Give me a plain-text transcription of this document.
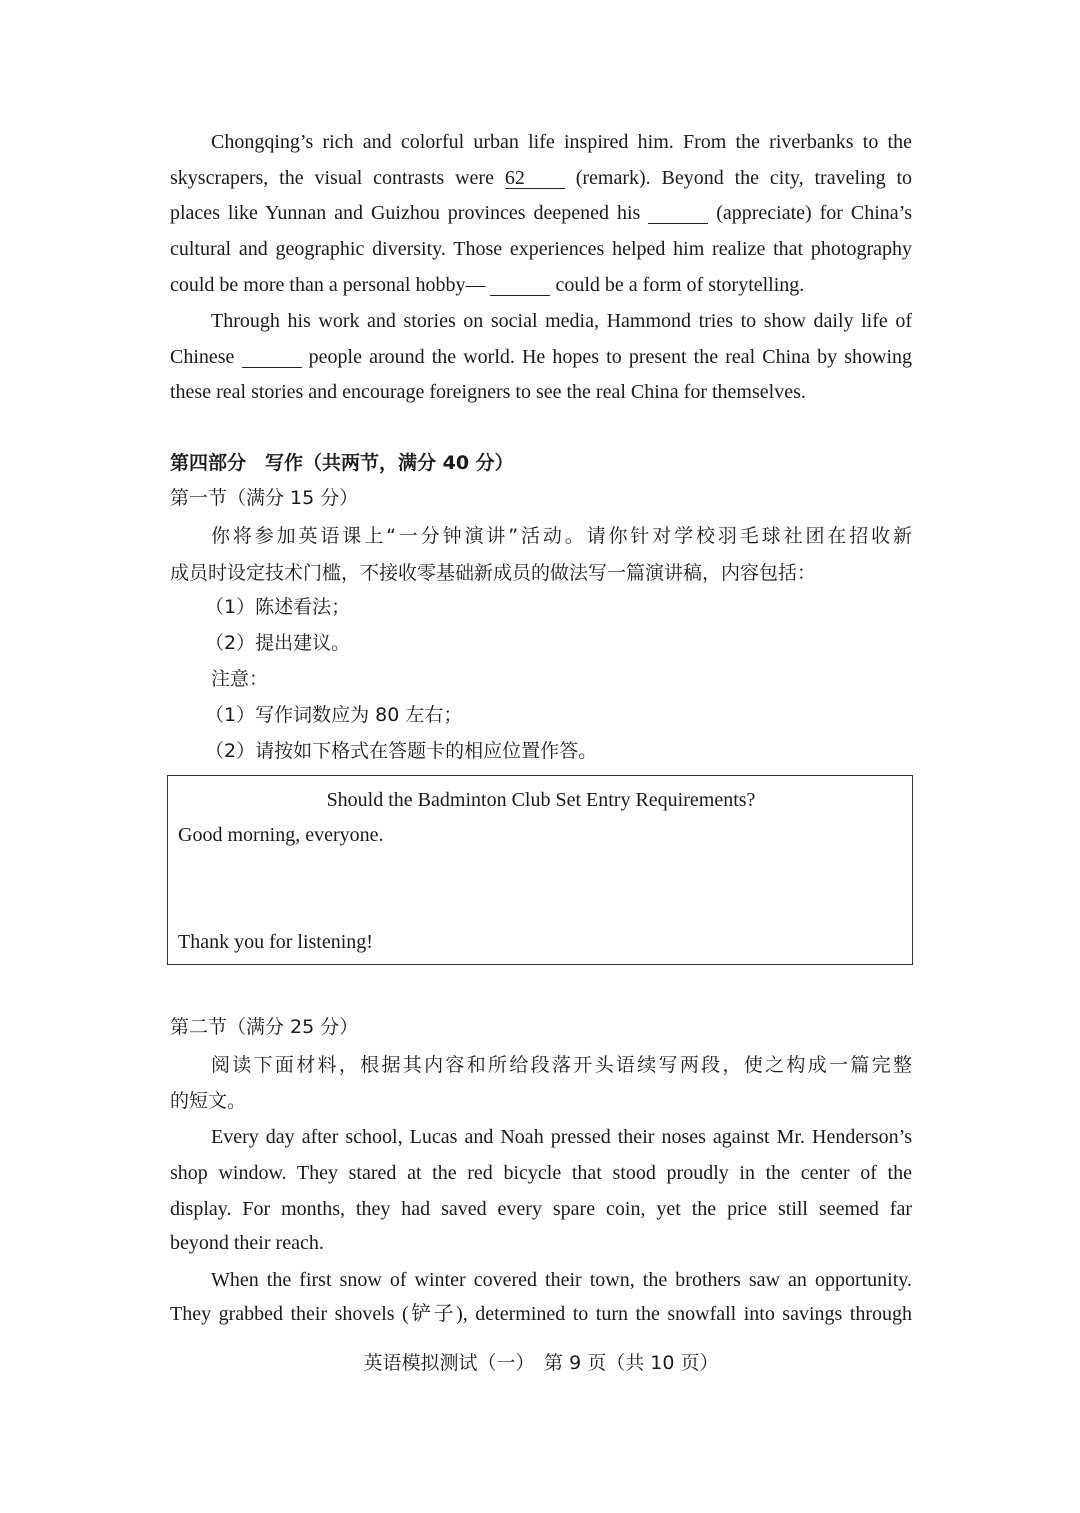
Chongqing’s rich and colorful urban life inspired him. From the riverbanks to the
skyscrapers, the visual contrasts were 62	(remark). Beyond the city, traveling to
places like Yunnan and Guizhou provinces deepened his	(appreciate) for China’s
cultural and geographic diversity. Those experiences helped him realize that photography
could be more than a personal hobby—	could be a form of storytelling.
Through his work and stories on social media, Hammond tries to show daily life of
Chinese	people around the world. He hopes to present the real China by showing
these real stories and encourage foreigners to see the real China for themselves.
第四部分　写作（共两节，满分 40 分）
第一节（满分 15 分）
你将参加英语课上“一分钟演讲”活动。请你针对学校羽毛球社团在招收新
成员时设定技术门槛，不接收零基础新成员的做法写一篇演讲稿，内容包括：
（1）陈述看法；
（2）提出建议。
注意：
（1）写作词数应为 80 左右；
（2）请按如下格式在答题卡的相应位置作答。
Should the Badminton Club Set Entry Requirements?
Good morning, everyone.
Thank you for listening!
第二节（满分 25 分）
阅读下面材料，根据其内容和所给段落开头语续写两段，使之构成一篇完整
的短文。
Every day after school, Lucas and Noah pressed their noses against Mr. Henderson’s
shop window. They stared at the red bicycle that stood proudly in the center of the
display. For months, they had saved every spare coin, yet the price still seemed far
beyond their reach.
When the first snow of winter covered their town, the brothers saw an opportunity.
They grabbed their shovels (铲子), determined to turn the snowfall into savings through
英语模拟测试（一）　第 9 页（共 10 页）
